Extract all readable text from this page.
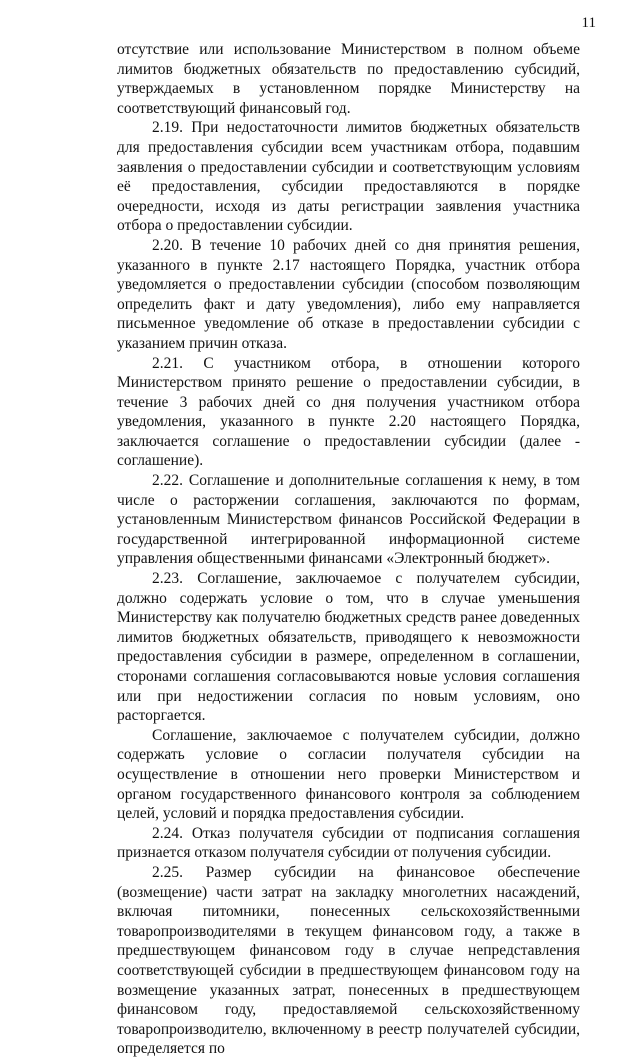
11

отсутствие или использование Министерством в полном объеме лимитов бюджетных обязательств по предоставлению субсидий, утверждаемых в установленном порядке Министерству на соответствующий финансовый год.

2.19. При недостаточности лимитов бюджетных обязательств для предоставления субсидии всем участникам отбора, подавшим заявления о предоставлении субсидии и соответствующим условиям её предоставления, субсидии предоставляются в порядке очередности, исходя из даты регистрации заявления участника отбора о предоставлении субсидии.

2.20. В течение 10 рабочих дней со дня принятия решения, указанного в пункте 2.17 настоящего Порядка, участник отбора уведомляется о предоставлении субсидии (способом позволяющим определить факт и дату уведомления), либо ему направляется письменное уведомление об отказе в предоставлении субсидии с указанием причин отказа.

2.21. С участником отбора, в отношении которого Министерством принято решение о предоставлении субсидии, в течение 3 рабочих дней со дня получения участником отбора уведомления, указанного в пункте 2.20 настоящего Порядка, заключается соглашение о предоставлении субсидии (далее - соглашение).

2.22. Соглашение и дополнительные соглашения к нему, в том числе о расторжении соглашения, заключаются по формам, установленным Министерством финансов Российской Федерации в государственной интегрированной информационной системе управления общественными финансами «Электронный бюджет».

2.23. Соглашение, заключаемое с получателем субсидии, должно содержать условие о том, что в случае уменьшения Министерству как получателю бюджетных средств ранее доведенных лимитов бюджетных обязательств, приводящего к невозможности предоставления субсидии в размере, определенном в соглашении, сторонами соглашения согласовываются новые условия соглашения или при недостижении согласия по новым условиям, оно расторгается.

Соглашение, заключаемое с получателем субсидии, должно содержать условие о согласии получателя субсидии на осуществление в отношении него проверки Министерством и органом государственного финансового контроля за соблюдением целей, условий и порядка предоставления субсидии.

2.24. Отказ получателя субсидии от подписания соглашения признается отказом получателя субсидии от получения субсидии.

2.25. Размер субсидии на финансовое обеспечение (возмещение) части затрат на закладку многолетних насаждений, включая питомники, понесенных сельскохозяйственными товаропроизводителями в текущем финансовом году, а также в предшествующем финансовом году в случае непредставления соответствующей субсидии в предшествующем финансовом году на возмещение указанных затрат, понесенных в предшествующем финансовом году, предоставляемой сельскохозяйственному товаропроизводителю, включенному в реестр получателей субсидии, определяется по
